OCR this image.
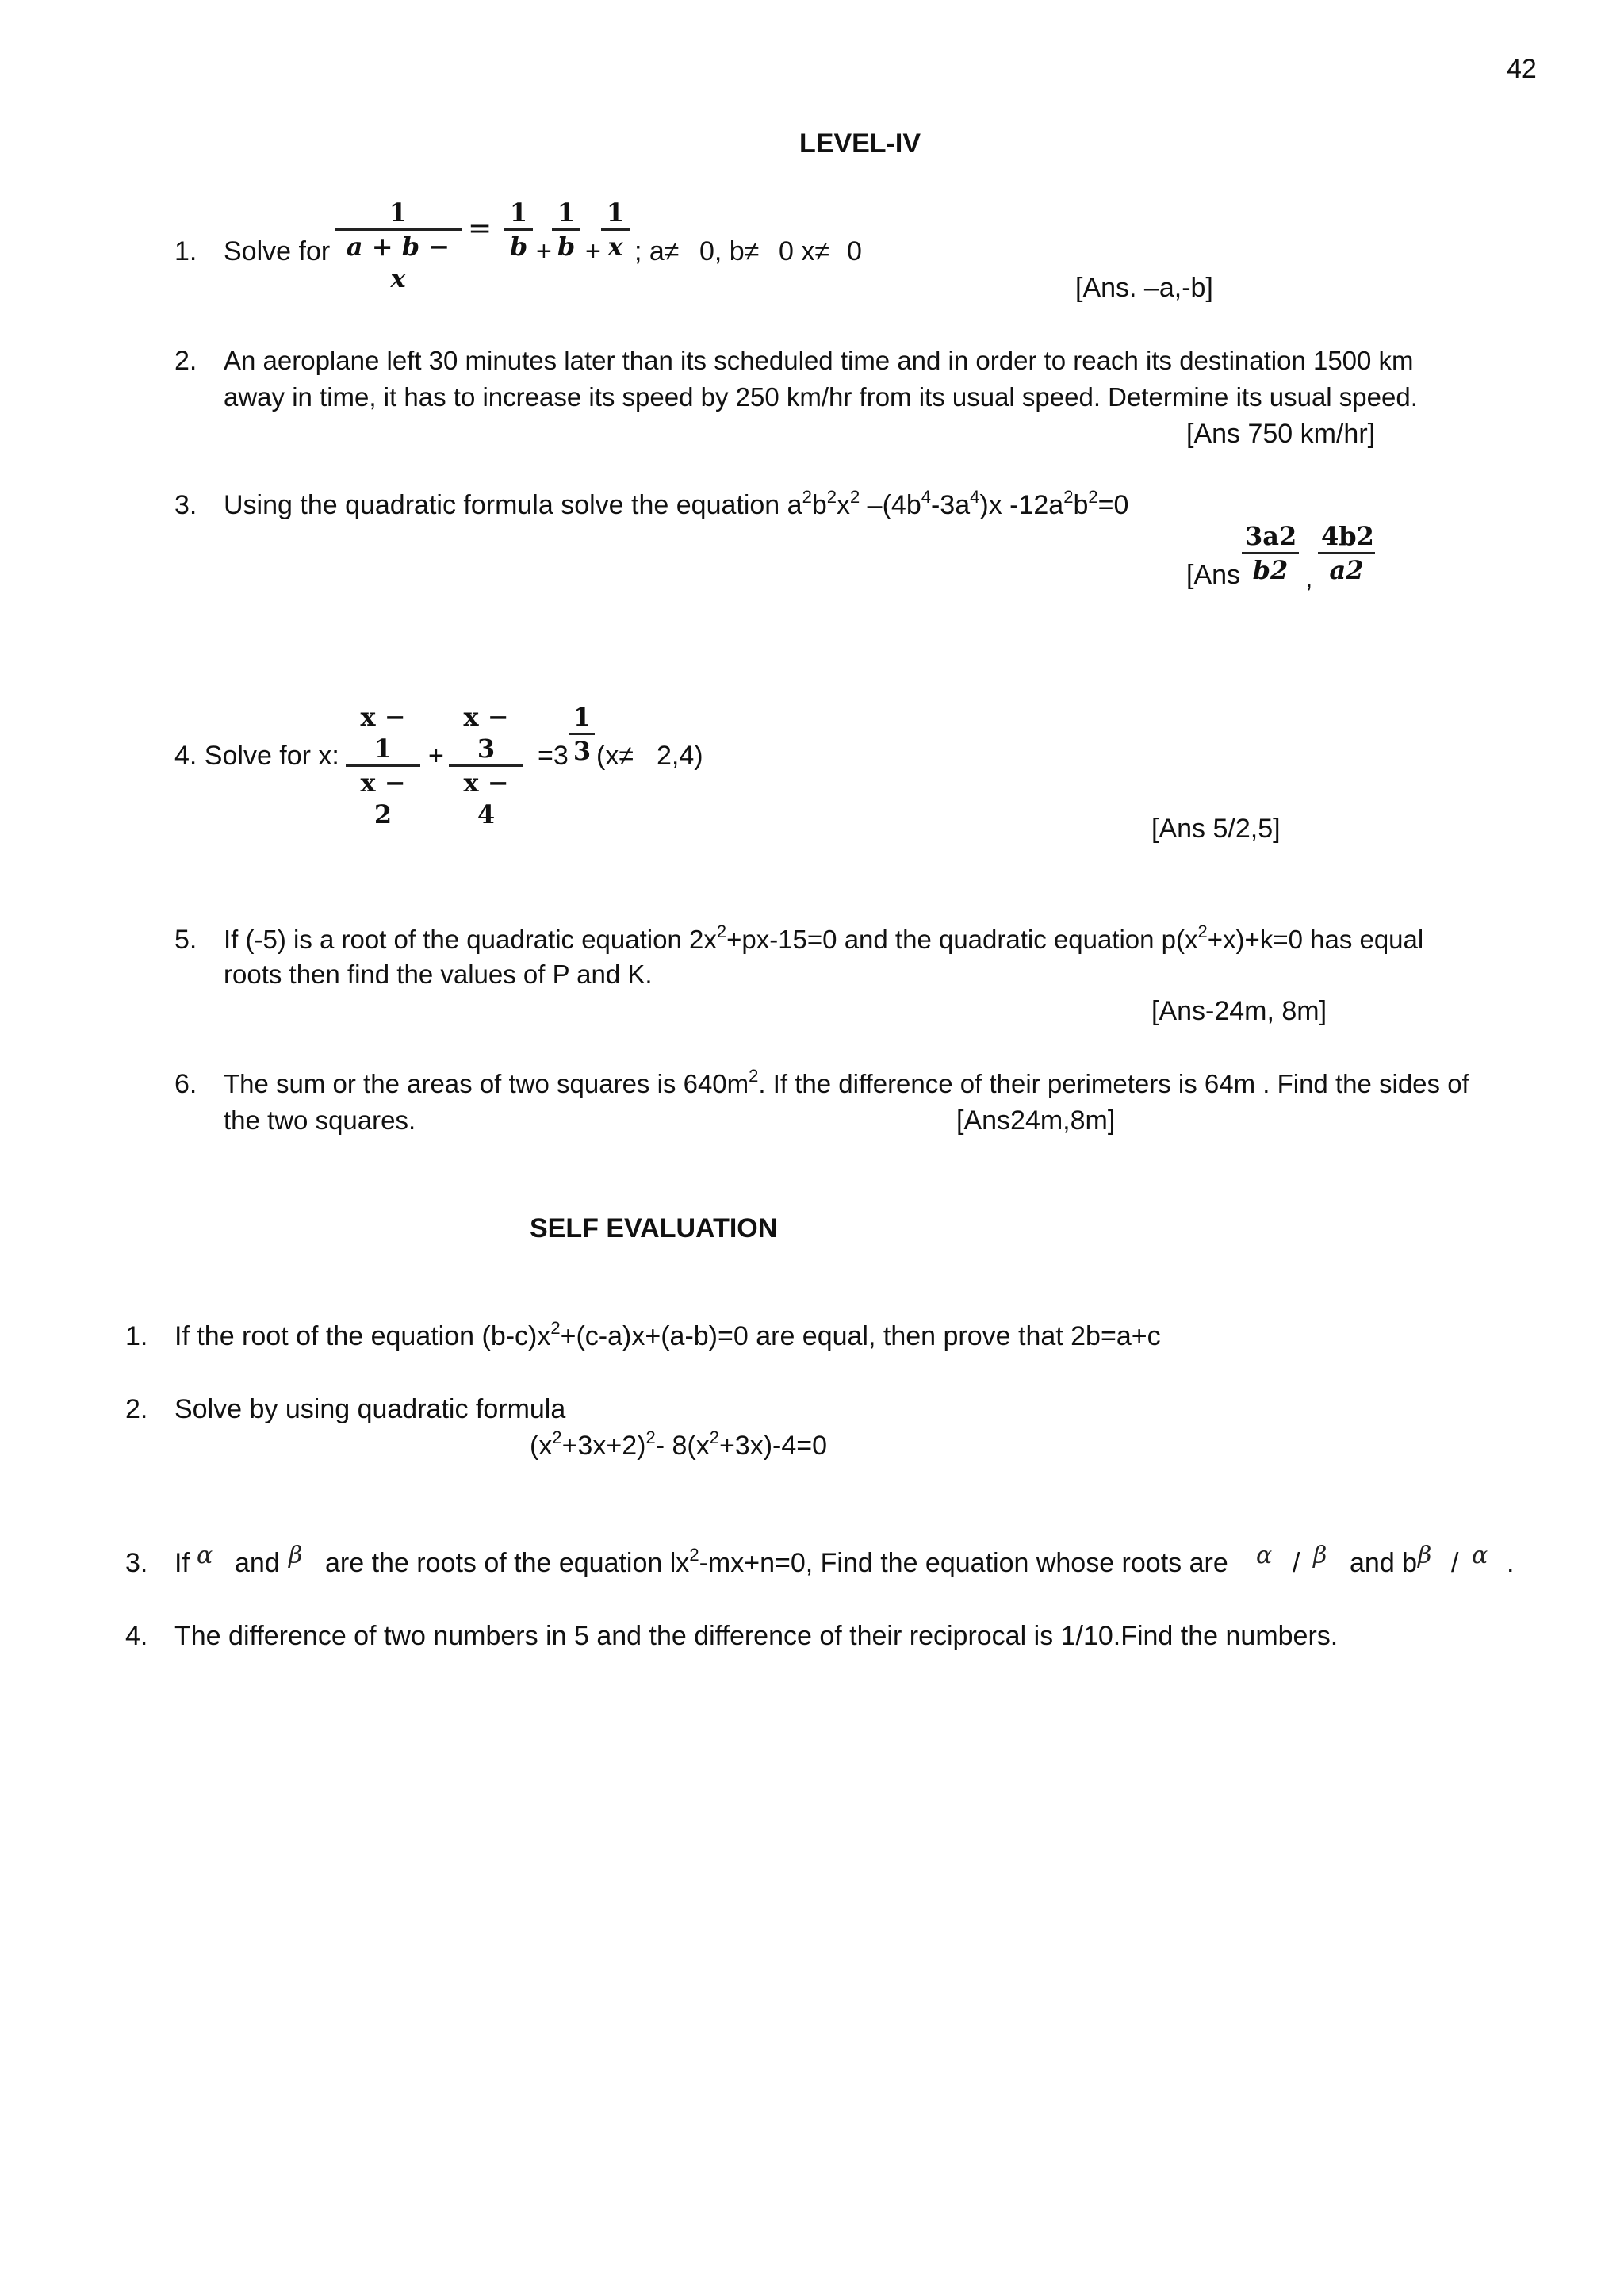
42
LEVEL-IV
1. Solve for $\frac{1}{a + b - x} = \frac{1}{b} + \frac{1}{b} + \frac{1}{x}$ ; a≠ 0, b≠ 0 x≠ 0
[Ans. –a,-b]
2. An aeroplane left 30 minutes later than its scheduled time and in order to reach its destination 1500 km
away in time, it has to increase its speed by 250 km/hr from its usual speed. Determine its usual speed.
[Ans 750 km/hr]
3. Using the quadratic formula solve the equation $a^2b^2x^2$ $-(4b^4-3a^4)x$ $-12a^2b^2=0$
[$Ans \frac{3a2}{b2}$ , $\frac{4b2}{a2}$
4. Solve for x: $\frac{x - 1}{x - 2} + \frac{x - 3}{x - 4} =3 \frac{1}{3} (x\ne 2,4)$
[Ans 5/2,5]
5. If (-5) is a root of the quadratic equation $2x^2+px-15=0$ and the quadratic equation $p(x^2+x)+k=0$ has equal
roots then find the values of P and K.
[Ans-24m, 8m]
6. The sum or the areas of two squares is $640m^2$. If the difference of their perimeters is 64m . Find the sides of
the two squares.	[Ans24m,8m]
SELF EVALUATION
1. If the root of the equation $(b-c)x^2+(c-a)x+(a-b)=0$ are equal, then prove that 2b=a+c
2. Solve by using quadratic formula
$(x^2+3x+2)^2-$ $8(x^2+3x)-4=0$
3. If α and β are the roots of the equation $lx^2-mx+n=0$, Find the equation whose roots are α / β and b β / α .
4. The difference of two numbers in 5 and the difference of their reciprocal is 1/10.Find the numbers.
